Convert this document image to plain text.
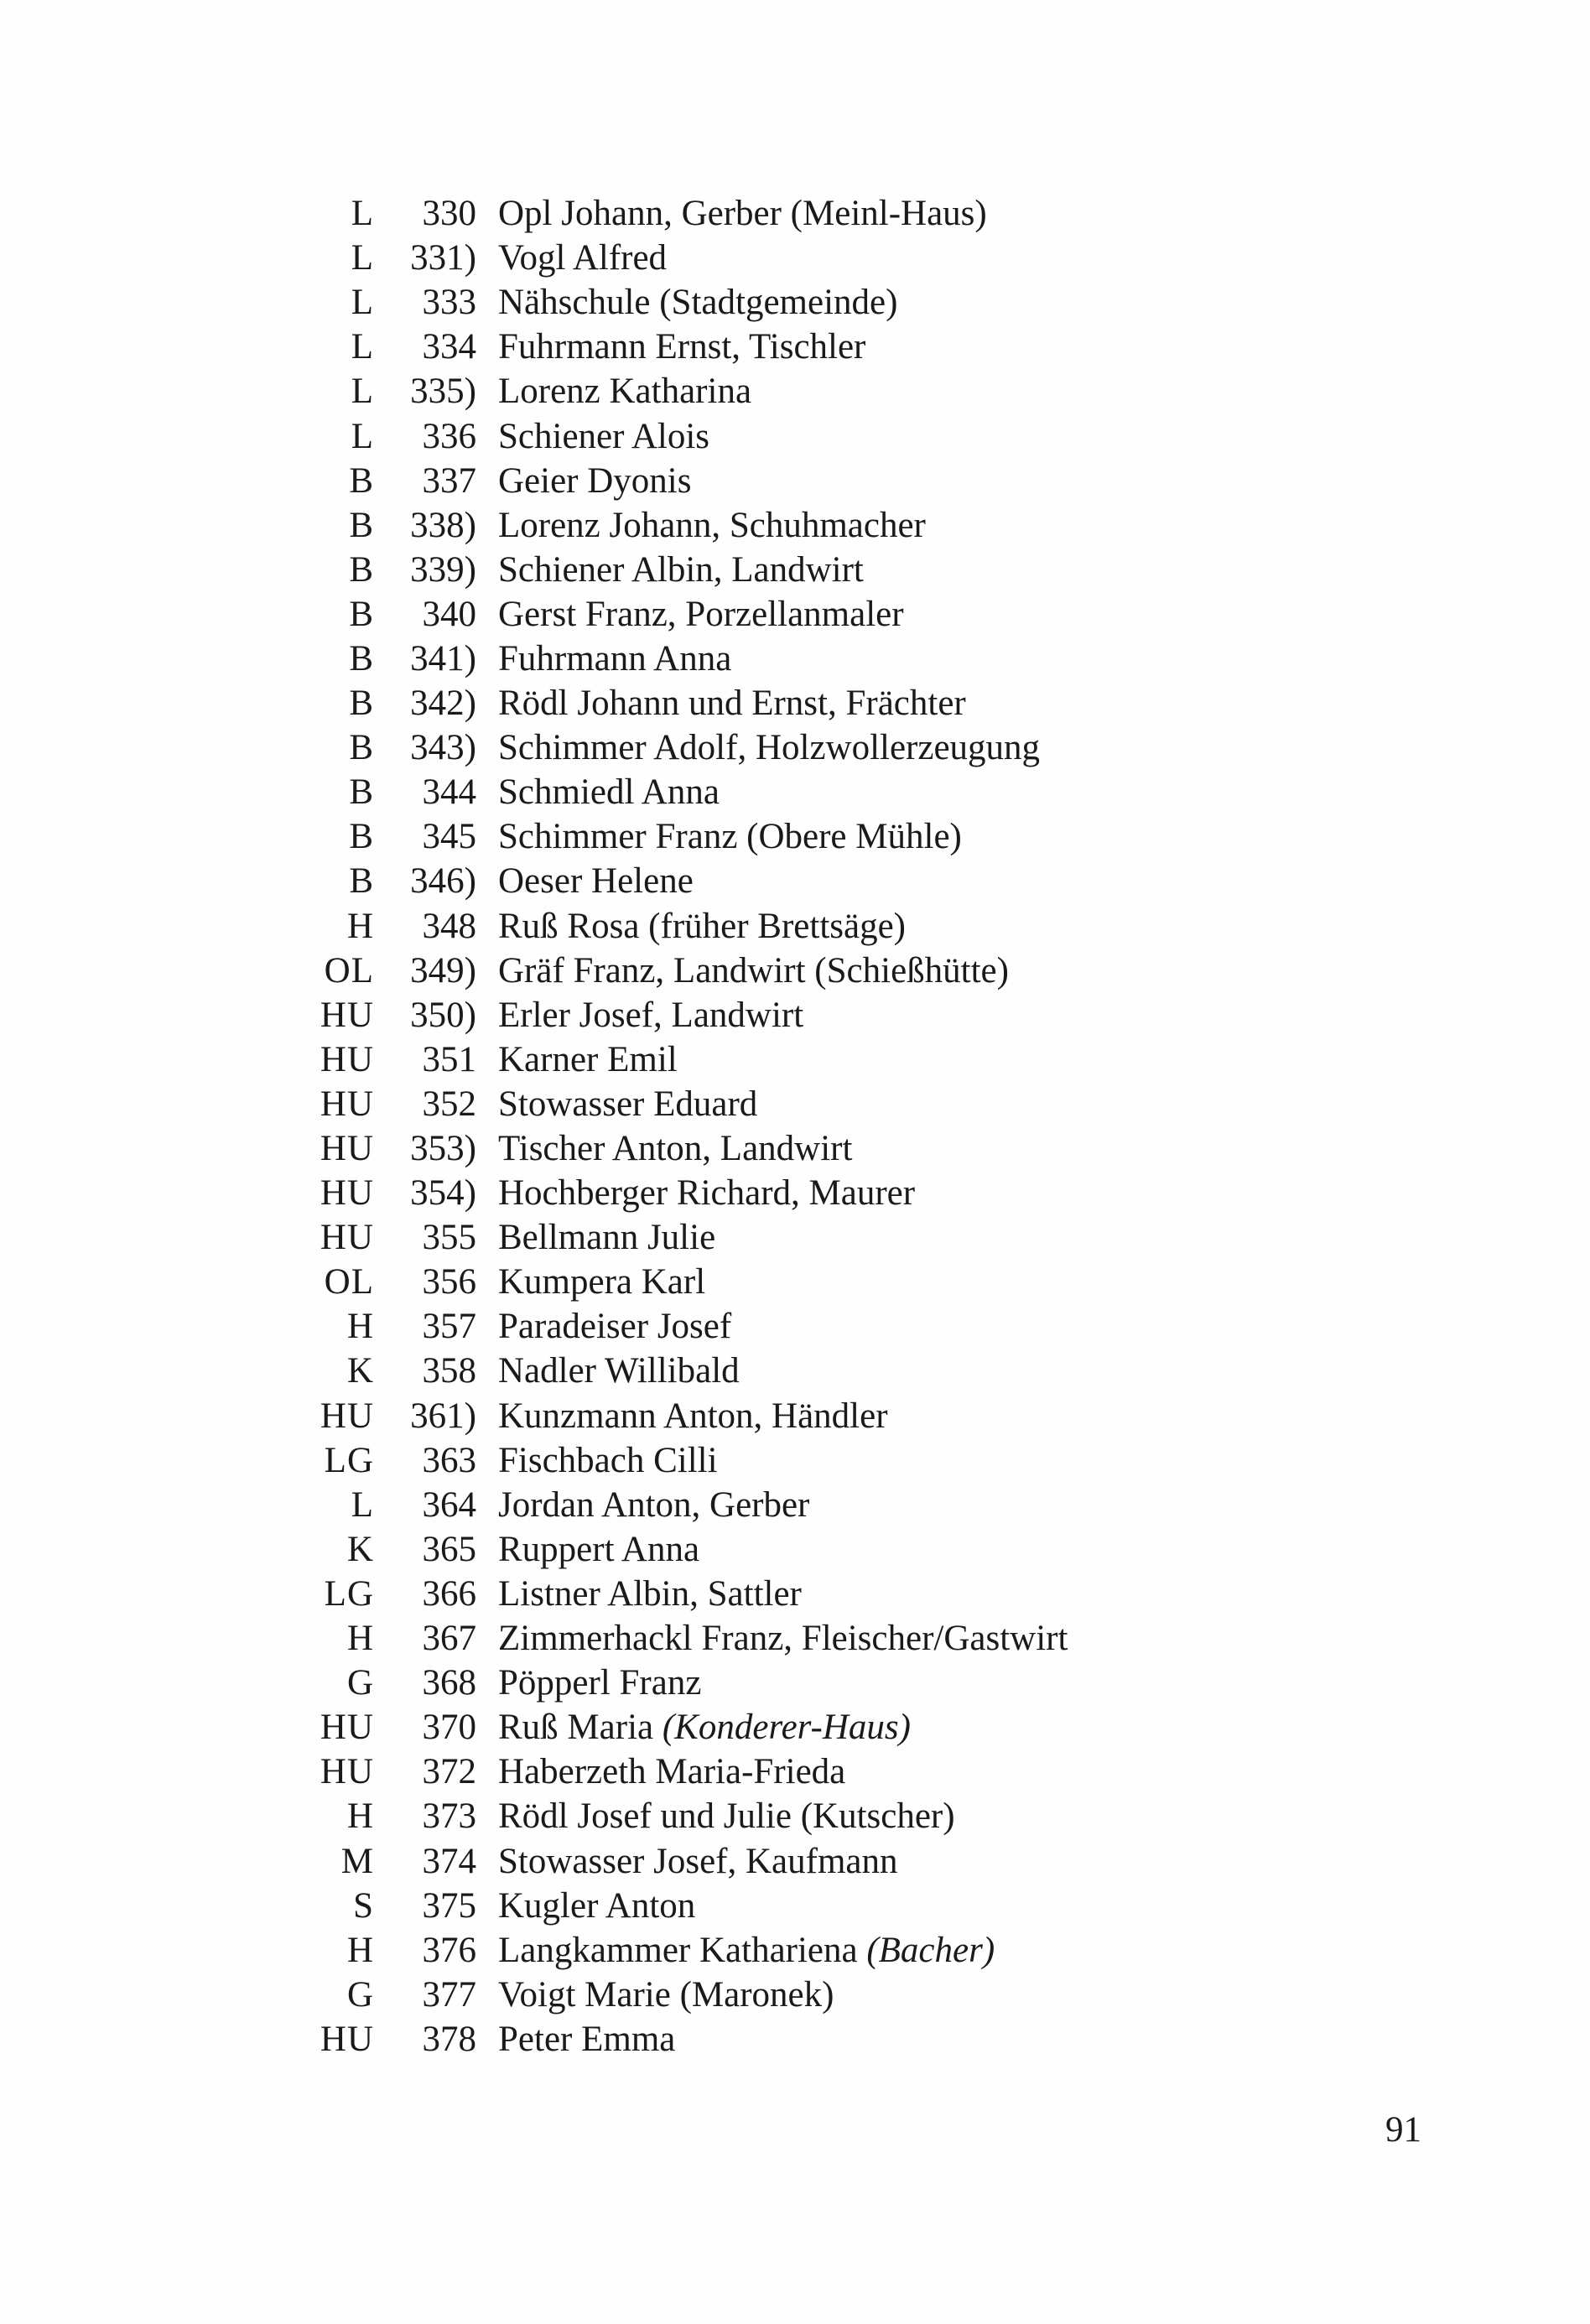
L	330 Opl Johann, Gerber (Meinl-Haus)
L	331) Vogl Alfred
L	333 Nähschule (Stadtgemeinde)
L	334 Fuhrmann Ernst, Tischler
L	335) Lorenz Katharina
L	336 Schiener Alois
B	337 Geier Dyonis
B	338) Lorenz Johann, Schuhmacher
B	339) Schiener Albin, Landwirt
B	340 Gerst Franz, Porzellanmaler
B	341) Fuhrmann Anna
B	342) Rödl Johann und Ernst, Frächter
B	343) Schimmer Adolf, Holzwollerzeugung
B	344 Schmiedl Anna
B	345 Schimmer Franz (Obere Mühle)
B	346) Oeser Helene
H	348 Ruß Rosa (früher Brettsäge)
OL	349) Gräf Franz, Landwirt (Schießhütte)
HU	350) Erler Josef, Landwirt
HU	351 Karner Emil
HU	352 Stowasser Eduard
HU	353) Tischer Anton, Landwirt
HU	354) Hochberger Richard, Maurer
HU	355 Bellmann Julie
OL	356 Kumpera Karl
H	357 Paradeiser Josef
K	358 Nadler Willibald
HU	361) Kunzmann Anton, Händler
LG	363 Fischbach Cilli
L	364 Jordan Anton, Gerber
K	365 Ruppert Anna
LG	366 Listner Albin, Sattler
H	367 Zimmerhackl Franz, Fleischer/Gastwirt
G	368 Pöpperl Franz
HU	370 Ruß Maria (Konderer-Haus)
HU	372 Haberzeth Maria-Frieda
H	373 Rödl Josef und Julie (Kutscher)
M	374 Stowasser Josef, Kaufmann
S	375 Kugler Anton
H	376 Langkammer Kathariena (Bacher)
G	377 Voigt Marie (Maronek)
HU	378 Peter Emma
91
